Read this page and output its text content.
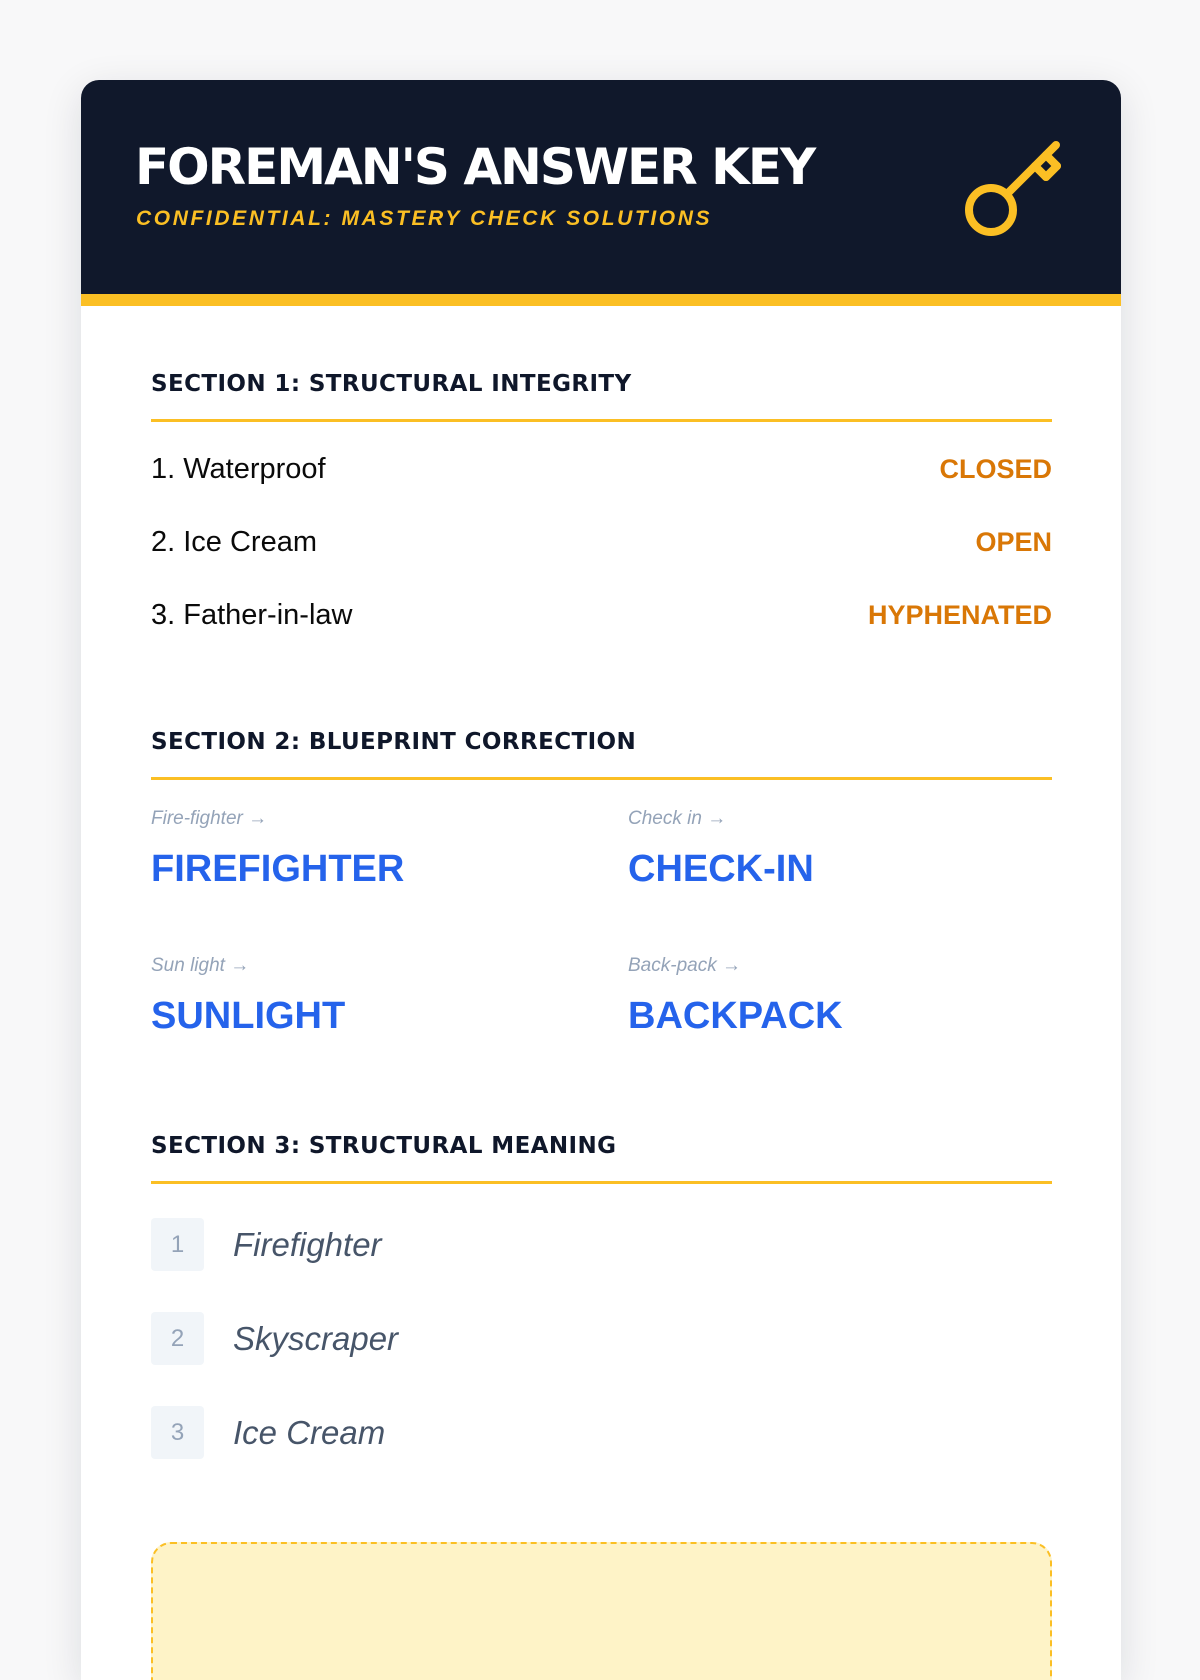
FOREMAN'S ANSWER KEY
CONFIDENTIAL: MASTERY CHECK SOLUTIONS
SECTION 1: STRUCTURAL INTEGRITY
1. Waterproof	CLOSED
2. Ice Cream	OPEN
3. Father-in-law	HYPHENATED
SECTION 2: BLUEPRINT CORRECTION
Fire-fighter →
FIREFIGHTER
Check in →
CHECK-IN
Sun light →
SUNLIGHT
Back-pack →
BACKPACK
SECTION 3: STRUCTURAL MEANING
1	Firefighter
2	Skyscraper
3	Ice Cream
